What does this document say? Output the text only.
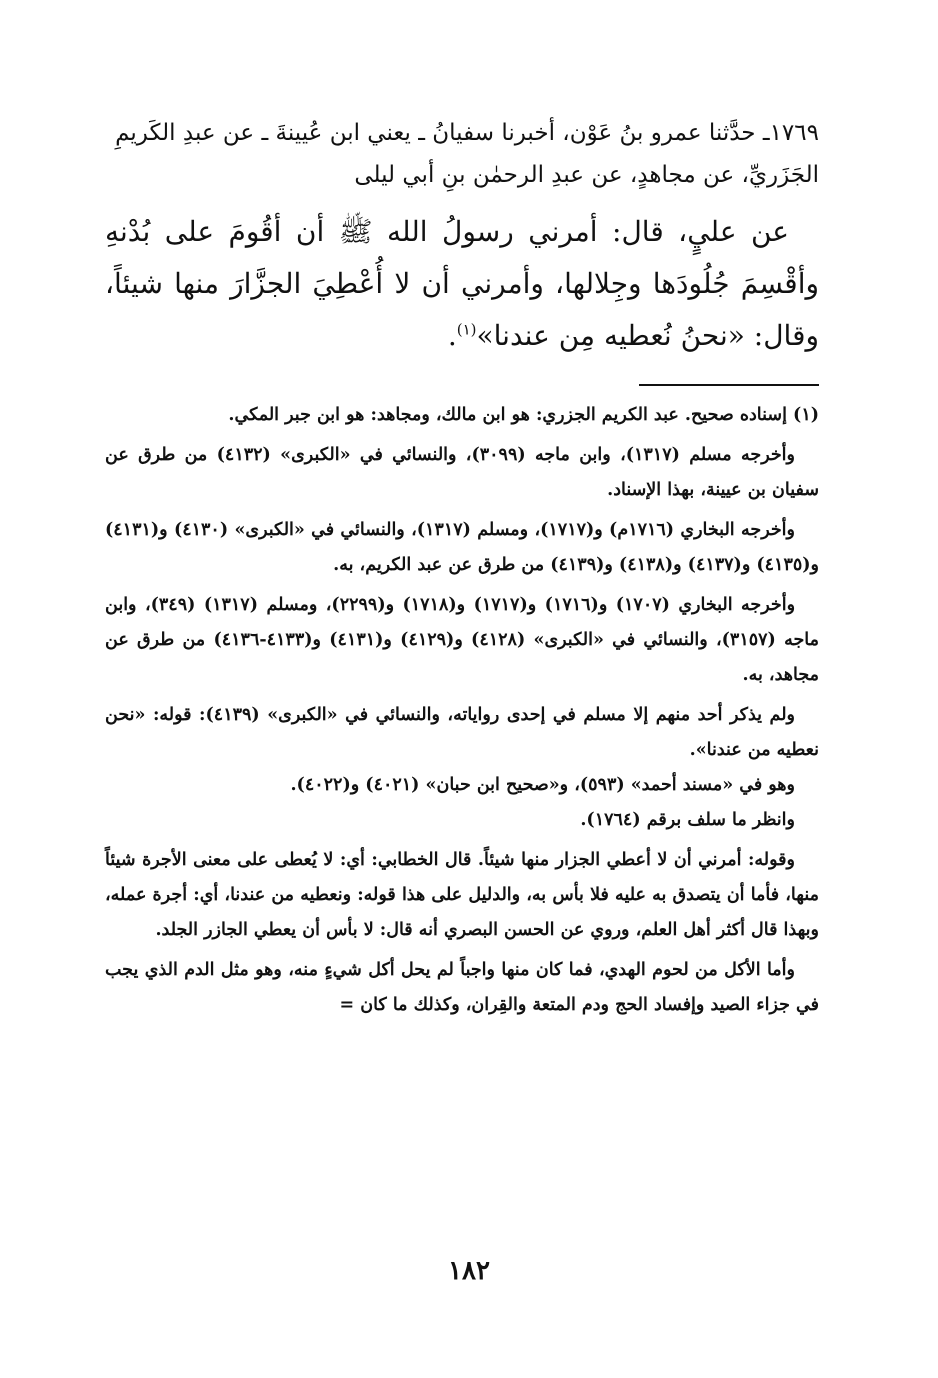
١٧٦٩ـ حدَّثنا عمرو بنُ عَوْن، أخبرنا سفيانُ ـ يعني ابن عُيينةَ ـ عن عبدِ الكَريمِ
الجَزَريِّ، عن مجاهدٍ، عن عبدِ الرحمٰن بنِ أبي ليلى

عن عليٍ، قال: أمرني رسولُ الله ﷺ أن أقُومَ على بُدْنهِ وأقْسِمَ جُلُودَها وجِلالها، وأمرني أن لا أُعْطِيَ الجزَّارَ منها شيئاً، وقال: «نحنُ نُعطيه مِن عندنا»$^{(١)}$.

(١) إسناده صحيح. عبد الكريم الجزري: هو ابن مالك، ومجاهد: هو ابن جبر المكي.

وأخرجه مسلم (١٣١٧)، وابن ماجه (٣٠٩٩)، والنسائي في «الكبرى» (٤١٣٢) من طرق عن سفيان بن عيينة، بهذا الإسناد.

وأخرجه البخاري (١٧١٦م) و(١٧١٧)، ومسلم (١٣١٧)، والنسائي في «الكبرى» (٤١٣٠) و(٤١٣١) و(٤١٣٥) و(٤١٣٧) و(٤١٣٨) و(٤١٣٩) من طرق عن عبد الكريم، به.

وأخرجه البخاري (١٧٠٧) و(١٧١٦) و(١٧١٧) و(١٧١٨) و(٢٢٩٩)، ومسلم (١٣١٧) (٣٤٩)، وابن ماجه (٣١٥٧)، والنسائي في «الكبرى» (٤١٢٨) و(٤١٢٩) و(٤١٣١) و(٤١٣٣-٤١٣٦) من طرق عن مجاهد، به.

ولم يذكر أحد منهم إلا مسلم في إحدى رواياته، والنسائي في «الكبرى» (٤١٣٩): قوله: «نحن نعطيه من عندنا».

وهو في «مسند أحمد» (٥٩٣)، و«صحيح ابن حبان» (٤٠٢١) و(٤٠٢٢).

وانظر ما سلف برقم (١٧٦٤).

وقوله: أمرني أن لا أعطي الجزار منها شيئاً. قال الخطابي: أي: لا يُعطى على معنى الأجرة شيئاً منها، فأما أن يتصدق به عليه فلا بأس به، والدليل على هذا قوله: ونعطيه من عندنا، أي: أجرة عمله، وبهذا قال أكثر أهل العلم، وروي عن الحسن البصري أنه قال: لا بأس أن يعطي الجازر الجلد.

وأما الأكل من لحوم الهدي، فما كان منها واجباً لم يحل أكل شيءٍ منه، وهو مثل الدم الذي يجب في جزاء الصيد وإفساد الحج ودم المتعة والقِران، وكذلك ما كان =

١٨٢
